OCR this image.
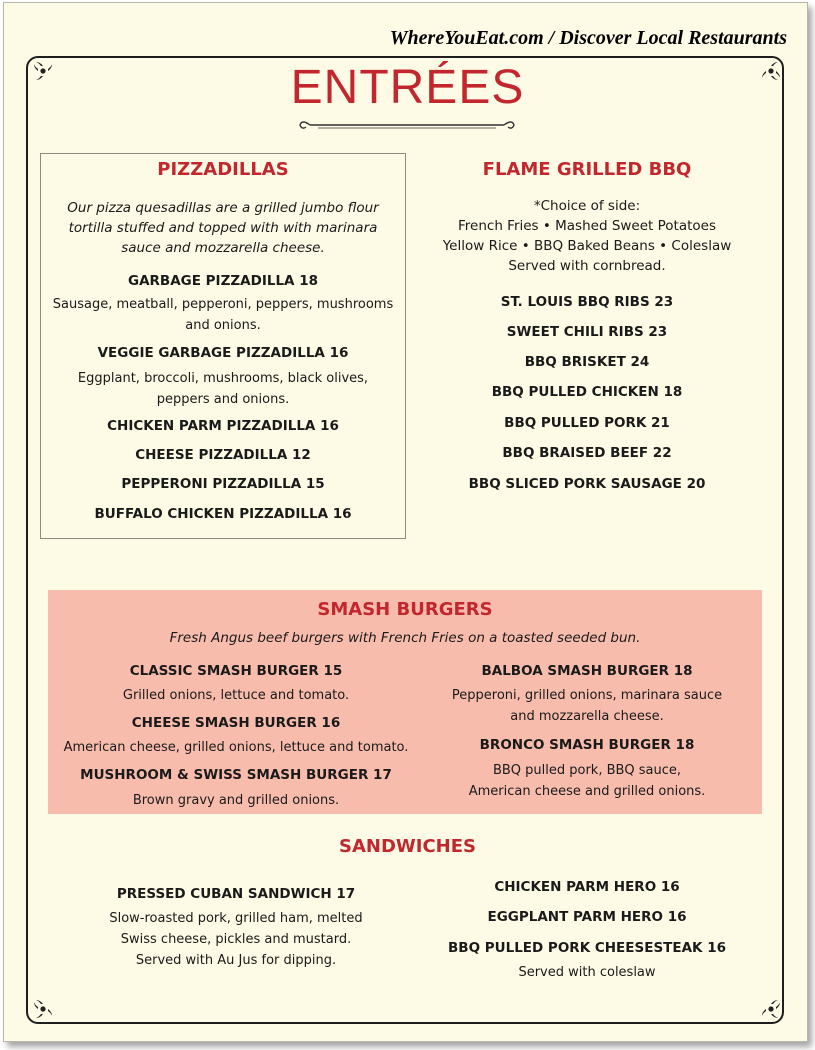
WhereYouEat.com / Discover Local Restaurants
ENTRÉES
PIZZADILLAS
Our pizza quesadillas are a grilled jumbo flour
tortilla stuffed and topped with with marinara
sauce and mozzarella cheese.
GARBAGE PIZZADILLA 18
Sausage, meatball, pepperoni, peppers, mushrooms
and onions.
VEGGIE GARBAGE PIZZADILLA 16
Eggplant, broccoli, mushrooms, black olives,
peppers and onions.
CHICKEN PARM PIZZADILLA 16
CHEESE PIZZADILLA 12
PEPPERONI PIZZADILLA 15
BUFFALO CHICKEN PIZZADILLA 16
FLAME GRILLED BBQ
*Choice of side:
French Fries • Mashed Sweet Potatoes
Yellow Rice • BBQ Baked Beans • Coleslaw
Served with cornbread.
ST. LOUIS BBQ RIBS 23
SWEET CHILI RIBS 23
BBQ BRISKET 24
BBQ PULLED CHICKEN 18
BBQ PULLED PORK 21
BBQ BRAISED BEEF 22
BBQ SLICED PORK SAUSAGE 20
SMASH BURGERS
Fresh Angus beef burgers with French Fries on a toasted seeded bun.
CLASSIC SMASH BURGER 15
Grilled onions, lettuce and tomato.
CHEESE SMASH BURGER 16
American cheese, grilled onions, lettuce and tomato.
MUSHROOM & SWISS SMASH BURGER 17
Brown gravy and grilled onions.
BALBOA SMASH BURGER 18
Pepperoni, grilled onions, marinara sauce
and mozzarella cheese.
BRONCO SMASH BURGER 18
BBQ pulled pork, BBQ sauce,
American cheese and grilled onions.
SANDWICHES
PRESSED CUBAN SANDWICH 17
Slow-roasted pork, grilled ham, melted
Swiss cheese, pickles and mustard.
Served with Au Jus for dipping.
CHICKEN PARM HERO 16
EGGPLANT PARM HERO 16
BBQ PULLED PORK CHEESESTEAK 16
Served with coleslaw
